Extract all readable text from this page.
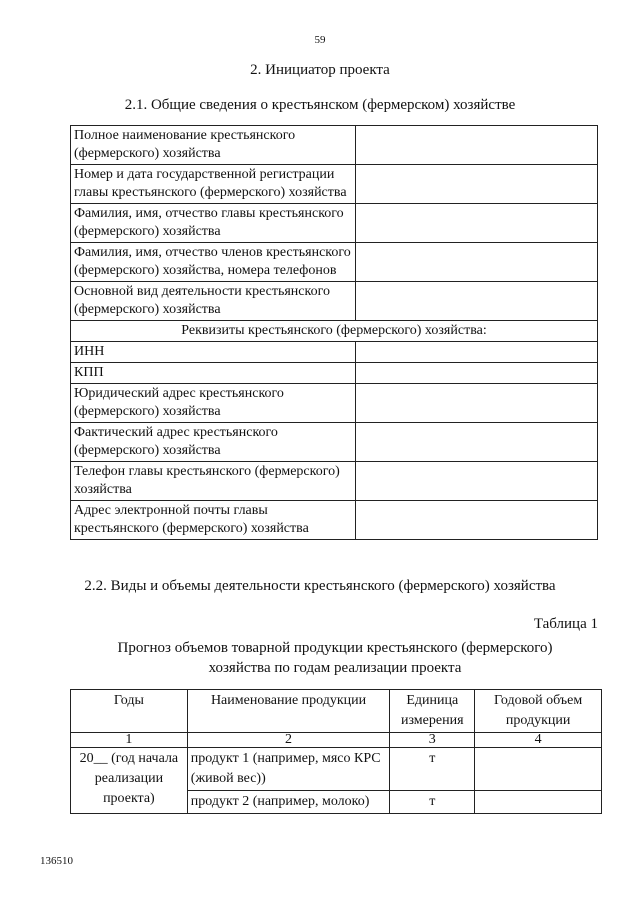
59
2. Инициатор проекта
2.1. Общие сведения о крестьянском (фермерском) хозяйстве
Полное наименование крестьянского (фермерского) хозяйства	
Номер и дата государственной регистрации главы крестьянского (фермерского) хозяйства	
Фамилия, имя, отчество главы крестьянского (фермерского) хозяйства	
Фамилия, имя, отчество членов крестьянского (фермерского) хозяйства, номера телефонов	
Основной вид деятельности крестьянского (фермерского) хозяйства	
Реквизиты крестьянского (фермерского) хозяйства:	
ИНН	
КПП	
Юридический адрес крестьянского (фермерского) хозяйства	
Фактический адрес крестьянского (фермерского) хозяйства	
Телефон главы крестьянского (фермерского) хозяйства	
Адрес электронной почты главы крестьянского (фермерского) хозяйства	
2.2. Виды и объемы деятельности крестьянского (фермерского) хозяйства
Таблица 1
Прогноз объемов товарной продукции крестьянского (фермерского) хозяйства по годам реализации проекта
Годы	Наименование продукции	Единица измерения	Годовой объем продукции
1	2	3	4
20__ (год начала реализации проекта)	продукт 1 (например, мясо КРС (живой вес))	т	
	продукт 2 (например, молоко)	т	
136510
